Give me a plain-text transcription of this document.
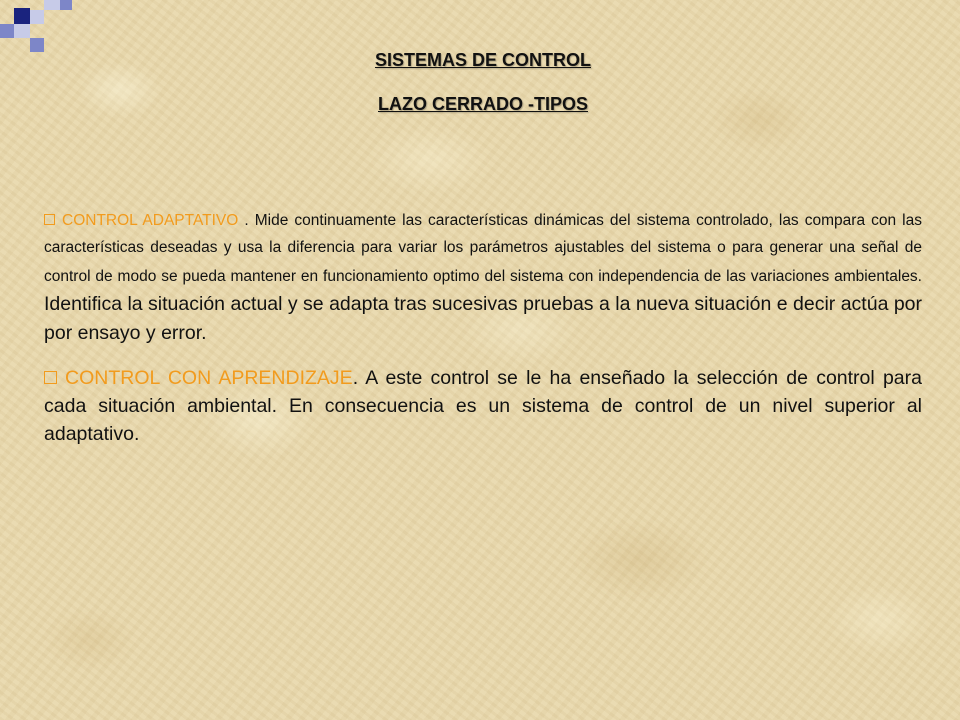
SISTEMAS DE CONTROL
LAZO CERRADO -TIPOS

CONTROL ADAPTATIVO . Mide continuamente las características dinámicas del sistema controlado, las compara con las características deseadas y usa la diferencia para variar los parámetros ajustables del sistema o para generar una señal de control de modo se pueda mantener en funcionamiento optimo del sistema con independencia de las variaciones ambientales. Identifica la situación actual y se adapta tras sucesivas pruebas a la nueva situación e decir actúa por por ensayo y error.

CONTROL CON APRENDIZAJE. A este control se le ha enseñado la selección de control para cada situación ambiental. En consecuencia es un sistema de control de un nivel superior al adaptativo.
